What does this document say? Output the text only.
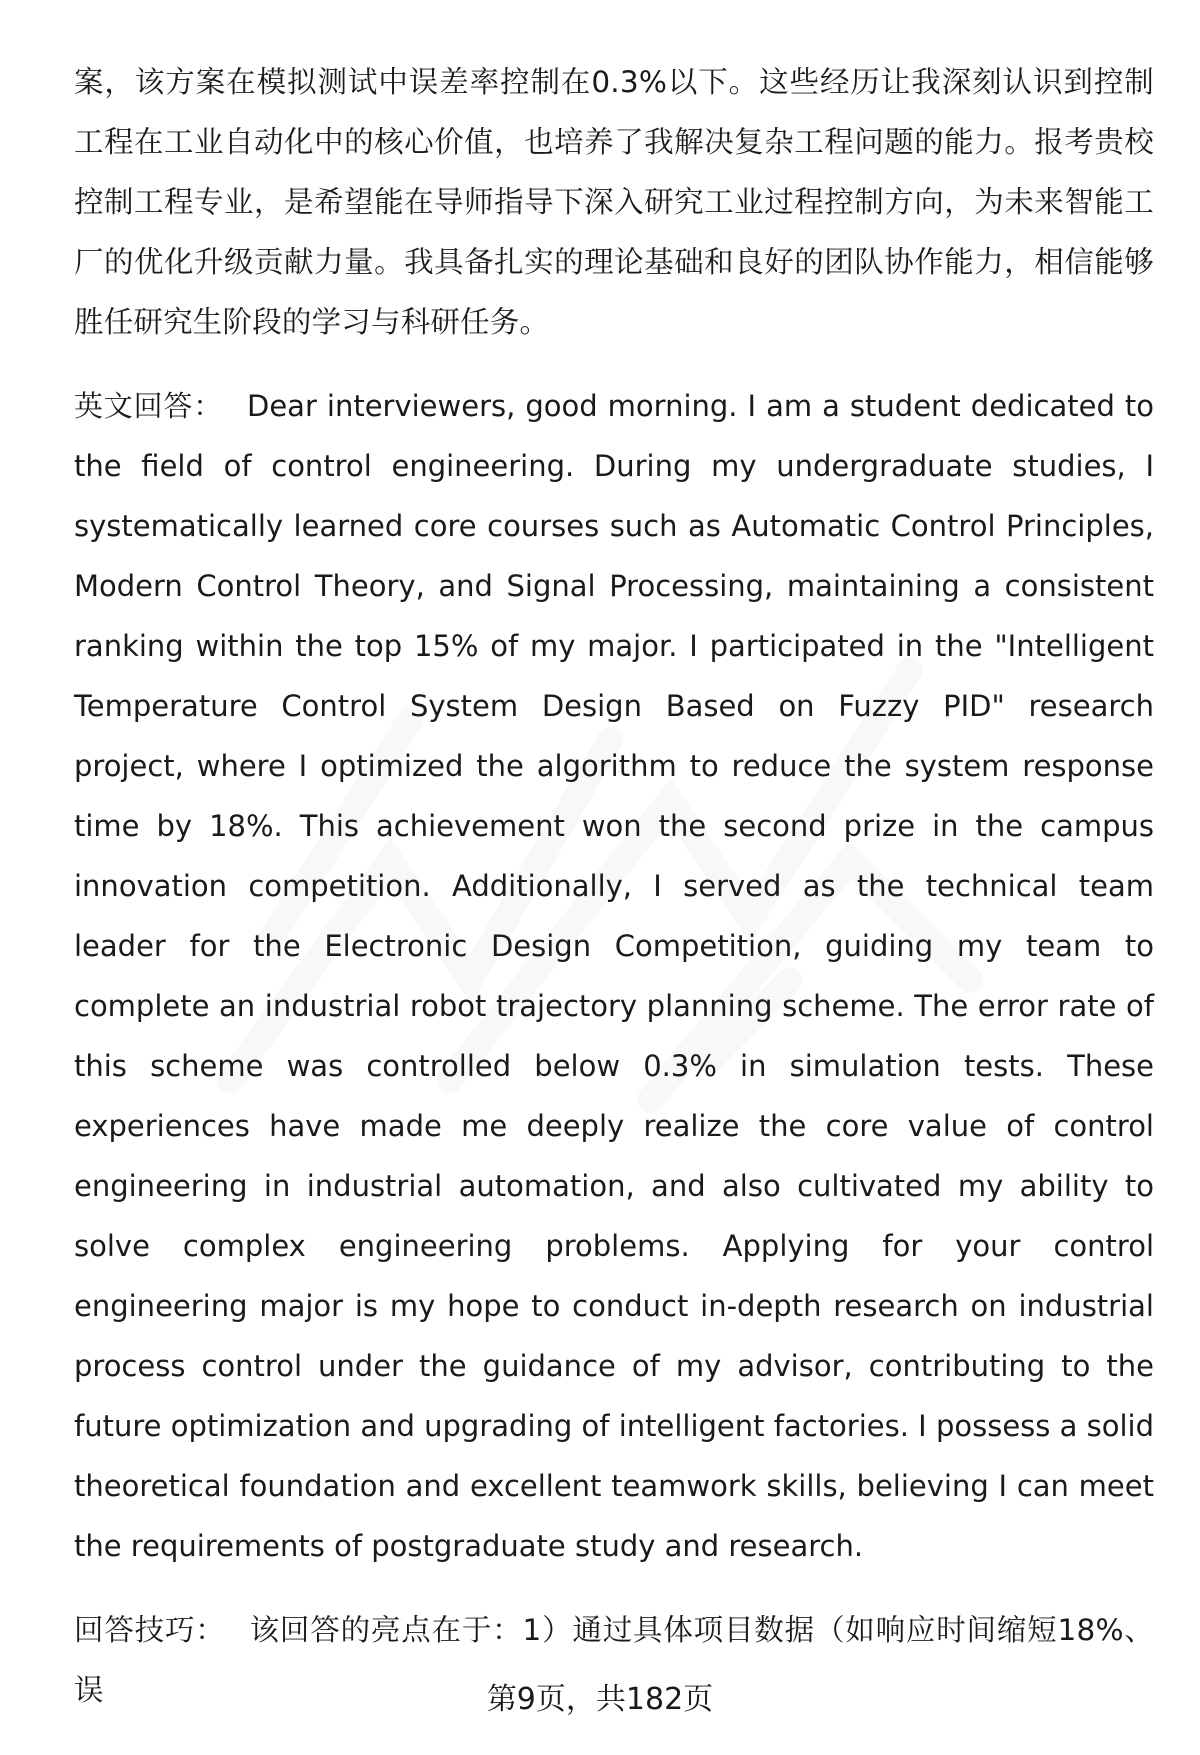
案，该方案在模拟测试中误差率控制在0.3%以下。这些经历让我深刻认识到控制工程在工业自动化中的核心价值，也培养了我解决复杂工程问题的能力。报考贵校控制工程专业，是希望能在导师指导下深入研究工业过程控制方向，为未来智能工厂的优化升级贡献力量。我具备扎实的理论基础和良好的团队协作能力，相信能够胜任研究生阶段的学习与科研任务。

英文回答： Dear interviewers, good morning. I am a student dedicated to the field of control engineering. During my undergraduate studies, I systematically learned core courses such as Automatic Control Principles, Modern Control Theory, and Signal Processing, maintaining a consistent ranking within the top 15% of my major. I participated in the "Intelligent Temperature Control System Design Based on Fuzzy PID" research project, where I optimized the algorithm to reduce the system response time by 18%. This achievement won the second prize in the campus innovation competition. Additionally, I served as the technical team leader for the Electronic Design Competition, guiding my team to complete an industrial robot trajectory planning scheme. The error rate of this scheme was controlled below 0.3% in simulation tests. These experiences have made me deeply realize the core value of control engineering in industrial automation, and also cultivated my ability to solve complex engineering problems. Applying for your control engineering major is my hope to conduct in-depth research on industrial process control under the guidance of my advisor, contributing to the future optimization and upgrading of intelligent factories. I possess a solid theoretical foundation and excellent teamwork skills, believing I can meet the requirements of postgraduate study and research.

回答技巧： 该回答的亮点在于：1）通过具体项目数据（如响应时间缩短18%、误	第9页，共182页
